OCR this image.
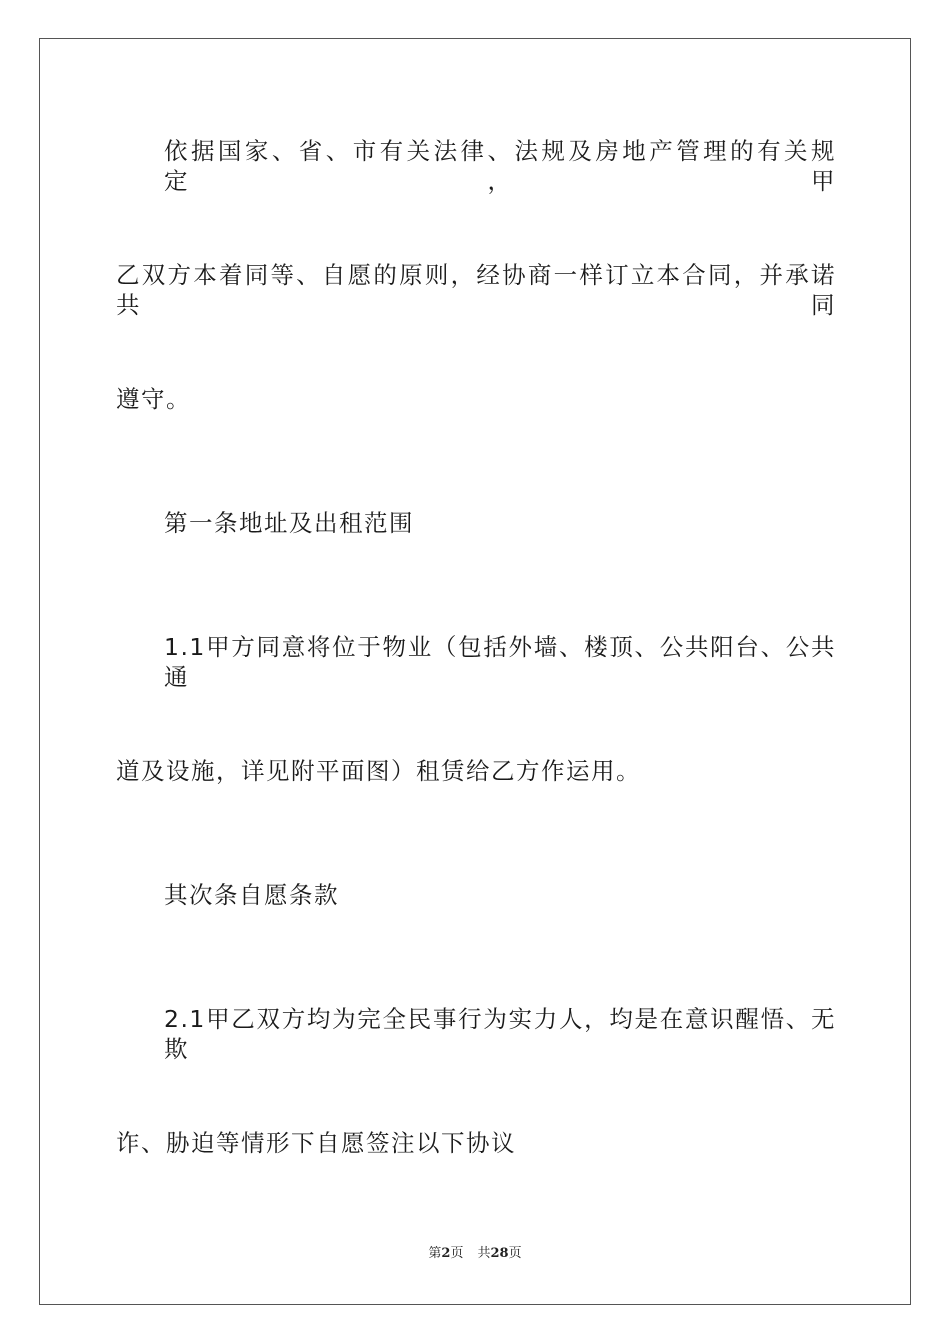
依据国家、省、市有关法律、法规及房地产管理的有关规定，甲
乙双方本着同等、自愿的原则，经协商一样订立本合同，并承诺共同
遵守。
第一条地址及出租范围
1.1甲方同意将位于物业（包括外墙、楼顶、公共阳台、公共通
道及设施，详见附平面图）租赁给乙方作运用。
其次条自愿条款
2.1甲乙双方均为完全民事行为实力人，均是在意识醒悟、无欺
诈、胁迫等情形下自愿签注以下协议
第2页 共28页
